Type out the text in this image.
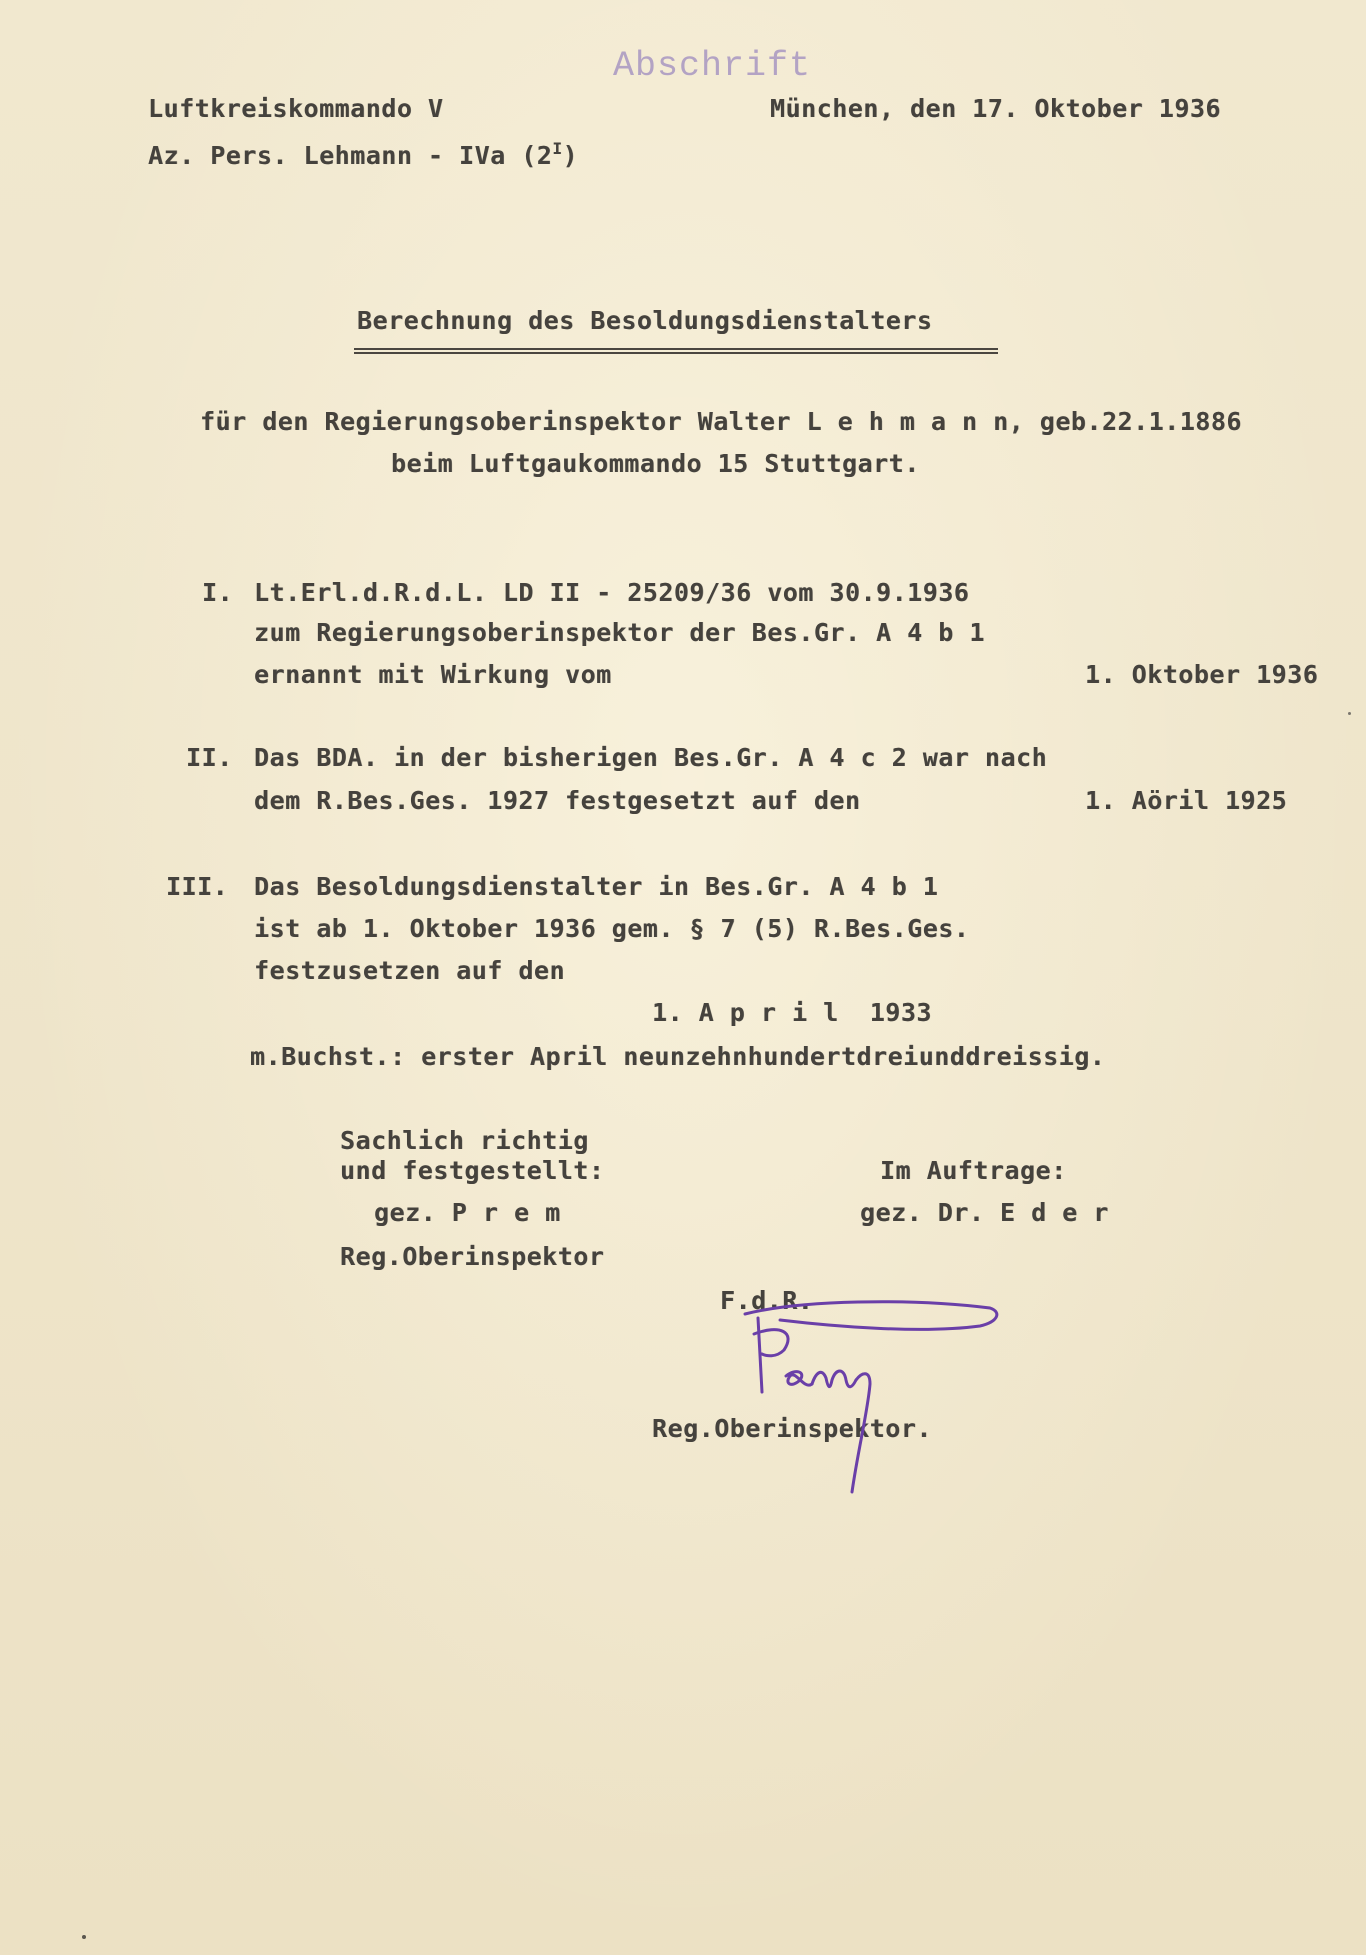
Abschrift
Luftkreiskommando V	München, den 17. Oktober 1936
Az. Pers. Lehmann - IVa $(2^I)$
Berechnung des Besoldungsdienstalters
für den Regierungsoberinspektor Walter L e h m a n n, geb.22.1.1886
beim Luftgaukommando 15 Stuttgart.
I. Lt.Erl.d.R.d.L. LD II - 25209/36 vom 30.9.1936
zum Regierungsoberinspektor der Bes.Gr. A 4 b 1
ernannt mit Wirkung vom	1. Oktober 1936
II. Das BDA. in der bisherigen Bes.Gr. A 4 c 2 war nach
dem R.Bes.Ges. 1927 festgesetzt auf den	1. Aöril 1925
III. Das Besoldungsdienstalter in Bes.Gr. A 4 b 1
ist ab 1. Oktober 1936 gem. § 7 (5) R.Bes.Ges.
festzusetzen auf den
1. A p r i l  1933
m.Buchst.: erster April neunzehnhundertdreiunddreissig.
Sachlich richtig
und festgestellt:	Im Auftrage:
gez. P r e m	gez. Dr. E d e r
Reg.Oberinspektor
F.d.R.
Reg.Oberinspektor.
